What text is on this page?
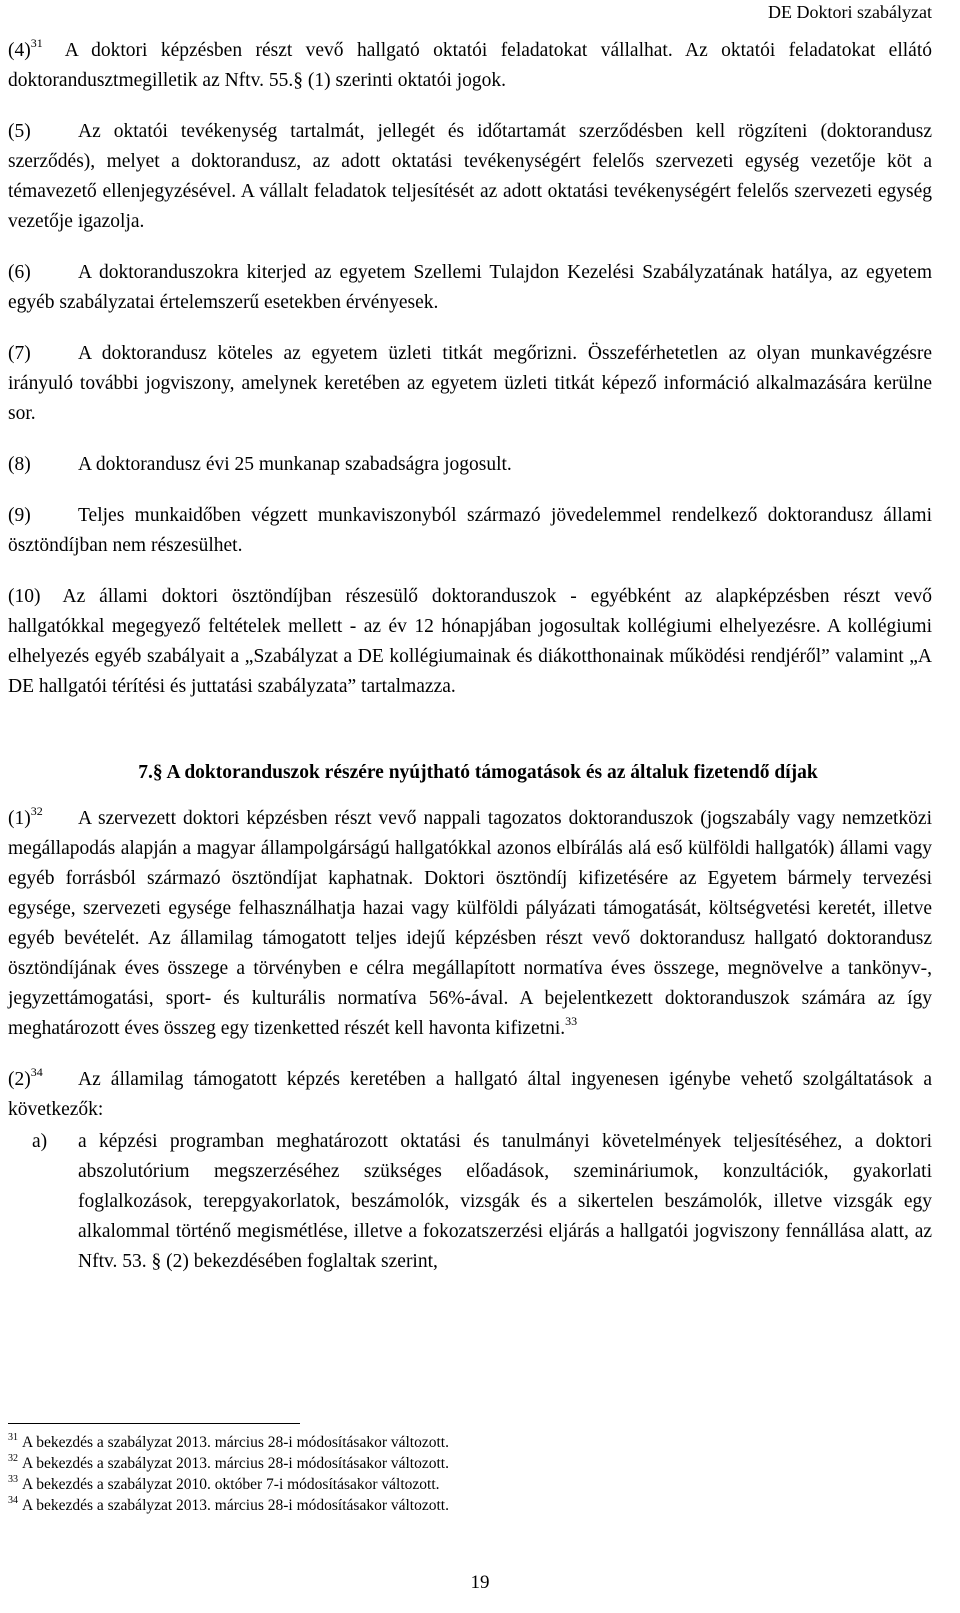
DE Doktori szabályzat

$(4)^{31}$ A doktori képzésben részt vevő hallgató oktatói feladatokat vállalhat. Az oktatói feladatokat ellátó doktorandusztmegilletik az Nftv. 55.§ (1) szerinti oktatói jogok.

(5) Az oktatói tevékenység tartalmát, jellegét és időtartamát szerződésben kell rögzíteni (doktorandusz szerződés), melyet a doktorandusz, az adott oktatási tevékenységért felelős szervezeti egység vezetője köt a témavezető ellenjegyzésével. A vállalt feladatok teljesítését az adott oktatási tevékenységért felelős szervezeti egység vezetője igazolja.

(6) A doktoranduszokra kiterjed az egyetem Szellemi Tulajdon Kezelési Szabályzatának hatálya, az egyetem egyéb szabályzatai értelemszerű esetekben érvényesek.

(7) A doktorandusz köteles az egyetem üzleti titkát megőrizni. Összeférhetetlen az olyan munkavégzésre irányuló további jogviszony, amelynek keretében az egyetem üzleti titkát képező információ alkalmazására kerülne sor.

(8) A doktorandusz évi 25 munkanap szabadságra jogosult.

(9) Teljes munkaidőben végzett munkaviszonyból származó jövedelemmel rendelkező doktorandusz állami ösztöndíjban nem részesülhet.

(10) Az állami doktori ösztöndíjban részesülő doktoranduszok - egyébként az alapképzésben részt vevő hallgatókkal megegyező feltételek mellett - az év 12 hónapjában jogosultak kollégiumi elhelyezésre. A kollégiumi elhelyezés egyéb szabályait a „Szabályzat a DE kollégiumainak és diákotthonainak működési rendjéről” valamint „A DE hallgatói térítési és juttatási szabályzata” tartalmazza.

7.§ A doktoranduszok részére nyújtható támogatások és az általuk fizetendő díjak

$(1)^{32}$ A szervezett doktori képzésben részt vevő nappali tagozatos doktoranduszok (jogszabály vagy nemzetközi megállapodás alapján a magyar állampolgárságú hallgatókkal azonos elbírálás alá eső külföldi hallgatók) állami vagy egyéb forrásból származó ösztöndíjat kaphatnak. Doktori ösztöndíj kifizetésére az Egyetem bármely tervezési egysége, szervezeti egysége felhasználhatja hazai vagy külföldi pályázati támogatását, költségvetési keretét, illetve egyéb bevételét. Az államilag támogatott teljes idejű képzésben részt vevő doktorandusz hallgató doktorandusz ösztöndíjának éves összege a törvényben e célra megállapított normatíva éves összege, megnövelve a tankönyv-, jegyzettámogatási, sport- és kulturális normatíva 56%-ával. A bejelentkezett doktoranduszok számára az így meghatározott éves összeg egy tizenketted részét kell havonta kifizetni.$^{33}$

$(2)^{34}$ Az államilag támogatott képzés keretében a hallgató által ingyenesen igénybe vehető szolgáltatások a következők:

a)	a képzési programban meghatározott oktatási és tanulmányi követelmények teljesítéséhez, a doktori abszolutórium megszerzéséhez szükséges előadások, szemináriumok, konzultációk, gyakorlati foglalkozások, terepgyakorlatok, beszámolók, vizsgák és a sikertelen beszámolók, illetve vizsgák egy alkalommal történő megismétlése, illetve a fokozatszerzési eljárás a hallgatói jogviszony fennállása alatt, az Nftv. 53. § (2) bekezdésében foglaltak szerint,
$^{31}$ A bekezdés a szabályzat 2013. március 28-i módosításakor változott.
$^{32}$ A bekezdés a szabályzat 2013. március 28-i módosításakor változott.
$^{33}$ A bekezdés a szabályzat 2010. október 7-i módosításakor változott.
$^{34}$ A bekezdés a szabályzat 2013. március 28-i módosításakor változott.
19
